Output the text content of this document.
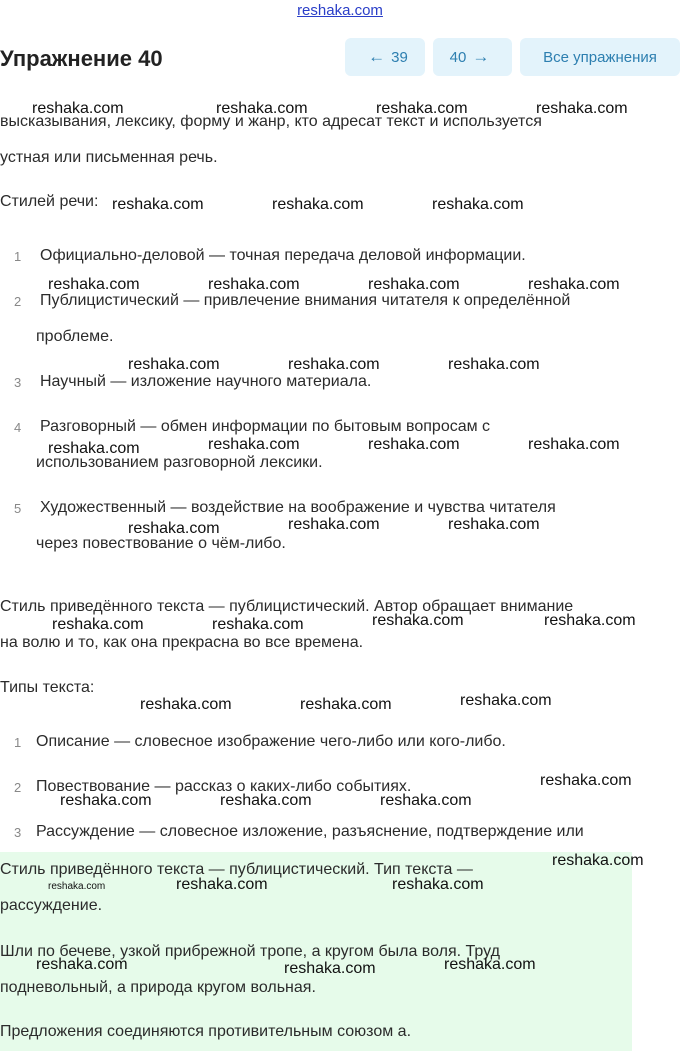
reshaka.com
Упражнение 40	← 39	40 →	Все упражнения
высказывания, лексику, форму и жанр, кто адресат текст и используется
устная или письменная речь.
Стилей речи:
1 Официально-деловой — точная передача деловой информации.
2 Публицистический — привлечение внимания читателя к определённой
проблеме.
3 Научный — изложение научного материала.
4 Разговорный — обмен информации по бытовым вопросам с
использованием разговорной лексики.
5 Художественный — воздействие на воображение и чувства читателя
через повествование о чём-либо.
Стиль приведённого текста — публицистический. Автор обращает внимание
на волю и то, как она прекрасна во все времена.
Типы текста:
1 Описание — словесное изображение чего-либо или кого-либо.
2 Повествование — рассказ о каких-либо событиях.
3 Рассуждение — словесное изложение, разъяснение, подтверждение или
Стиль приведённого текста — публицистический. Тип текста —
рассуждение.
Шли по бечеве, узкой прибрежной тропе, а кругом была воля. Труд
подневольный, а природа кругом вольная.
Предложения соединяются противительным союзом а.
reshaka.com	reshaka.com	reshaka.com	reshaka.com
reshaka.com	reshaka.com	reshaka.com
reshaka.com	reshaka.com	reshaka.com	reshaka.com
reshaka.com	reshaka.com	reshaka.com
reshaka.com	reshaka.com	reshaka.com	reshaka.com
reshaka.com	reshaka.com	reshaka.com
reshaka.com	reshaka.com	reshaka.com	reshaka.com
reshaka.com	reshaka.com	reshaka.com
reshaka.com
reshaka.com	reshaka.com	reshaka.com
reshaka.com
reshaka.com	reshaka.com	reshaka.com
reshaka.com	reshaka.com	reshaka.com
